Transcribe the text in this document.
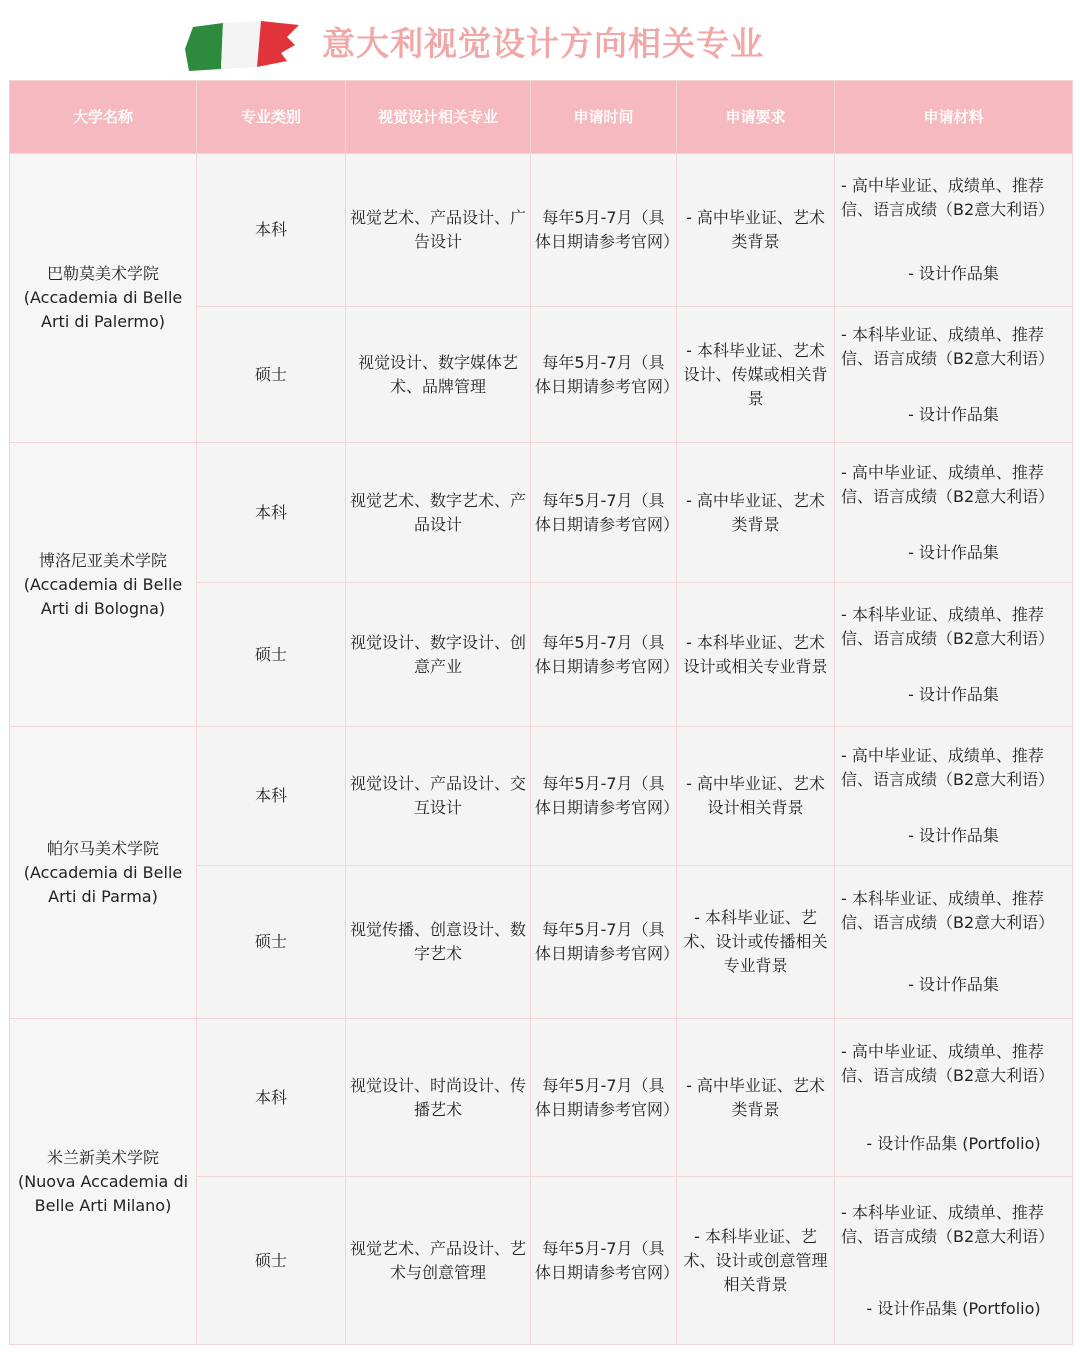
意大利视觉设计方向相关专业
大学名称	专业类别	视觉设计相关专业	申请时间	申请要求	申请材料

巴勒莫美术学院
(Accademia di Belle Arti di Palermo)	本科	视觉艺术、产品设计、广告设计	每年5月-7月（具体日期请参考官网）	- 高中毕业证、艺术类背景	- 高中毕业证、成绩单、推荐信、语言成绩（B2意大利语）
- 设计作品集

	硕士	视觉设计、数字媒体艺术、品牌管理	每年5月-7月（具体日期请参考官网）	- 本科毕业证、艺术设计、传媒或相关背景	- 本科毕业证、成绩单、推荐信、语言成绩（B2意大利语）
- 设计作品集

博洛尼亚美术学院
(Accademia di Belle Arti di Bologna)	本科	视觉艺术、数字艺术、产品设计	每年5月-7月（具体日期请参考官网）	- 高中毕业证、艺术类背景	- 高中毕业证、成绩单、推荐信、语言成绩（B2意大利语）
- 设计作品集

	硕士	视觉设计、数字设计、创意产业	每年5月-7月（具体日期请参考官网）	- 本科毕业证、艺术设计或相关专业背景	- 本科毕业证、成绩单、推荐信、语言成绩（B2意大利语）
- 设计作品集

帕尔马美术学院
(Accademia di Belle Arti di Parma)	本科	视觉设计、产品设计、交互设计	每年5月-7月（具体日期请参考官网）	- 高中毕业证、艺术设计相关背景	- 高中毕业证、成绩单、推荐信、语言成绩（B2意大利语）
- 设计作品集

	硕士	视觉传播、创意设计、数字艺术	每年5月-7月（具体日期请参考官网）	- 本科毕业证、艺术、设计或传播相关专业背景	- 本科毕业证、成绩单、推荐信、语言成绩（B2意大利语）
- 设计作品集

米兰新美术学院
(Nuova Accademia di Belle Arti Milano)	本科	视觉设计、时尚设计、传播艺术	每年5月-7月（具体日期请参考官网）	- 高中毕业证、艺术类背景	- 高中毕业证、成绩单、推荐信、语言成绩（B2意大利语）
- 设计作品集 (Portfolio)

	硕士	视觉艺术、产品设计、艺术与创意管理	每年5月-7月（具体日期请参考官网）	- 本科毕业证、艺术、设计或创意管理相关背景	- 本科毕业证、成绩单、推荐信、语言成绩（B2意大利语）
- 设计作品集 (Portfolio)
